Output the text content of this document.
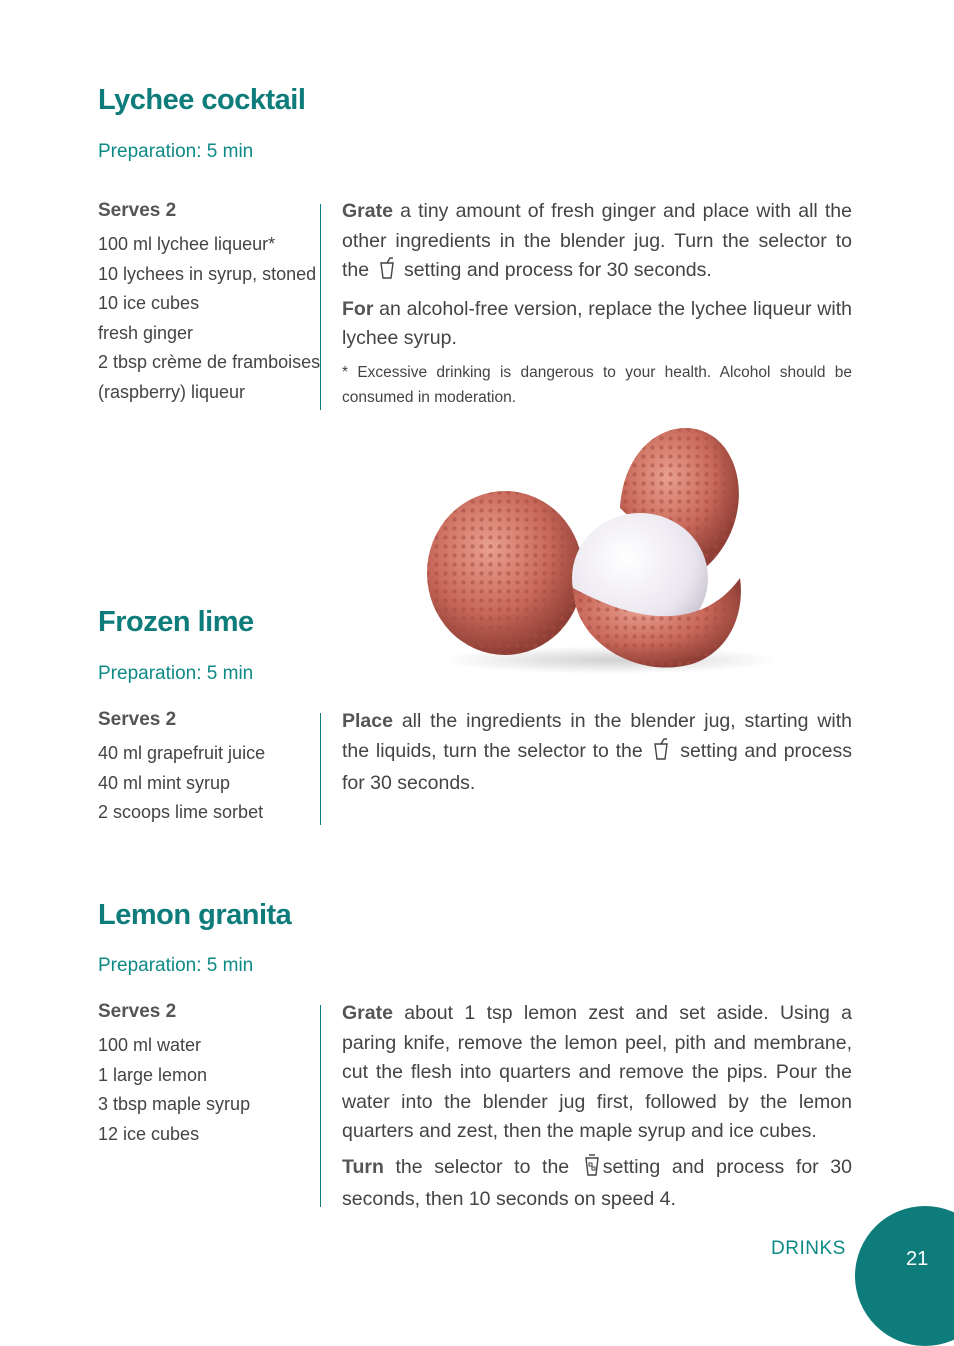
Lychee cocktail
Preparation: 5 min
Serves 2
100 ml lychee liqueur*
10 lychees in syrup, stoned
10 ice cubes
fresh ginger
2 tbsp crème de framboises
(raspberry) liqueur

Grate a tiny amount of fresh ginger and place with all the other ingredients in the blender jug. Turn the selector to the  setting and process for 30 seconds.

For an alcohol-free version, replace the lychee liqueur with lychee syrup.

* Excessive drinking is dangerous to your health. Alcohol should be consumed in moderation.

Frozen lime
Preparation: 5 min
Serves 2
40 ml grapefruit juice
40 ml mint syrup
2 scoops lime sorbet

Place all the ingredients in the blender jug, starting with the liquids, turn the selector to the  setting and process for 30 seconds.

Lemon granita
Preparation: 5 min
Serves 2
100 ml water
1 large lemon
3 tbsp maple syrup
12 ice cubes

Grate about 1 tsp lemon zest and set aside. Using a paring knife, remove the lemon peel, pith and membrane, cut the flesh into quarters and remove the pips. Pour the water into the blender jug first, followed by the lemon quarters and zest, then the maple syrup and ice cubes.

Turn the selector to the setting and process for 30 seconds, then 10 seconds on speed 4.

DRINKS	21
